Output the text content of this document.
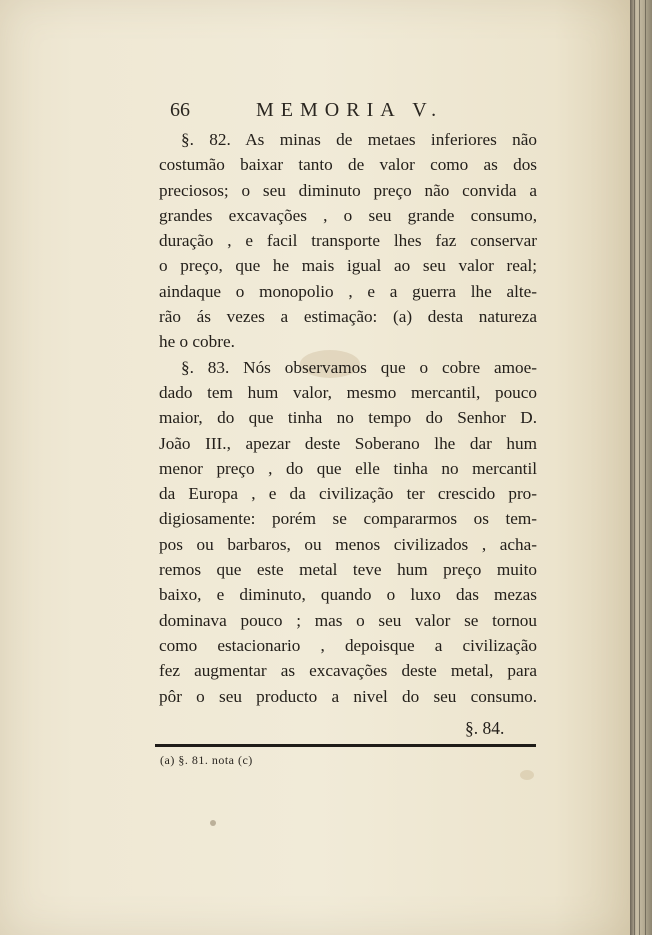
66	MEMORIA V.
§. 82. As minas de metaes inferiores não
costumão baixar tanto de valor como as dos
preciosos; o seu diminuto preço não convida a
grandes excavações , o seu grande consumo,
duração , e facil transporte lhes faz conservar
o preço, que he mais igual ao seu valor real;
aindaque o monopolio , e a guerra lhe alte-
rão ás vezes a estimação: (a) desta natureza
he o cobre.
§. 83. Nós observamos que o cobre amoe-
dado tem hum valor, mesmo mercantil, pouco
maior, do que tinha no tempo do Senhor D.
João III., apezar deste Soberano lhe dar hum
menor preço , do que elle tinha no mercantil
da Europa , e da civilização ter crescido pro-
digiosamente: porém se compararmos os tem-
pos ou barbaros, ou menos civilizados , acha-
remos que este metal teve hum preço muito
baixo, e diminuto, quando o luxo das mezas
dominava pouco ; mas o seu valor se tornou
como estacionario , depoisque a civilização
fez augmentar as excavações deste metal, para
pôr o seu producto a nivel do seu consumo.
§. 84.
(a) §. 81. nota (c)
